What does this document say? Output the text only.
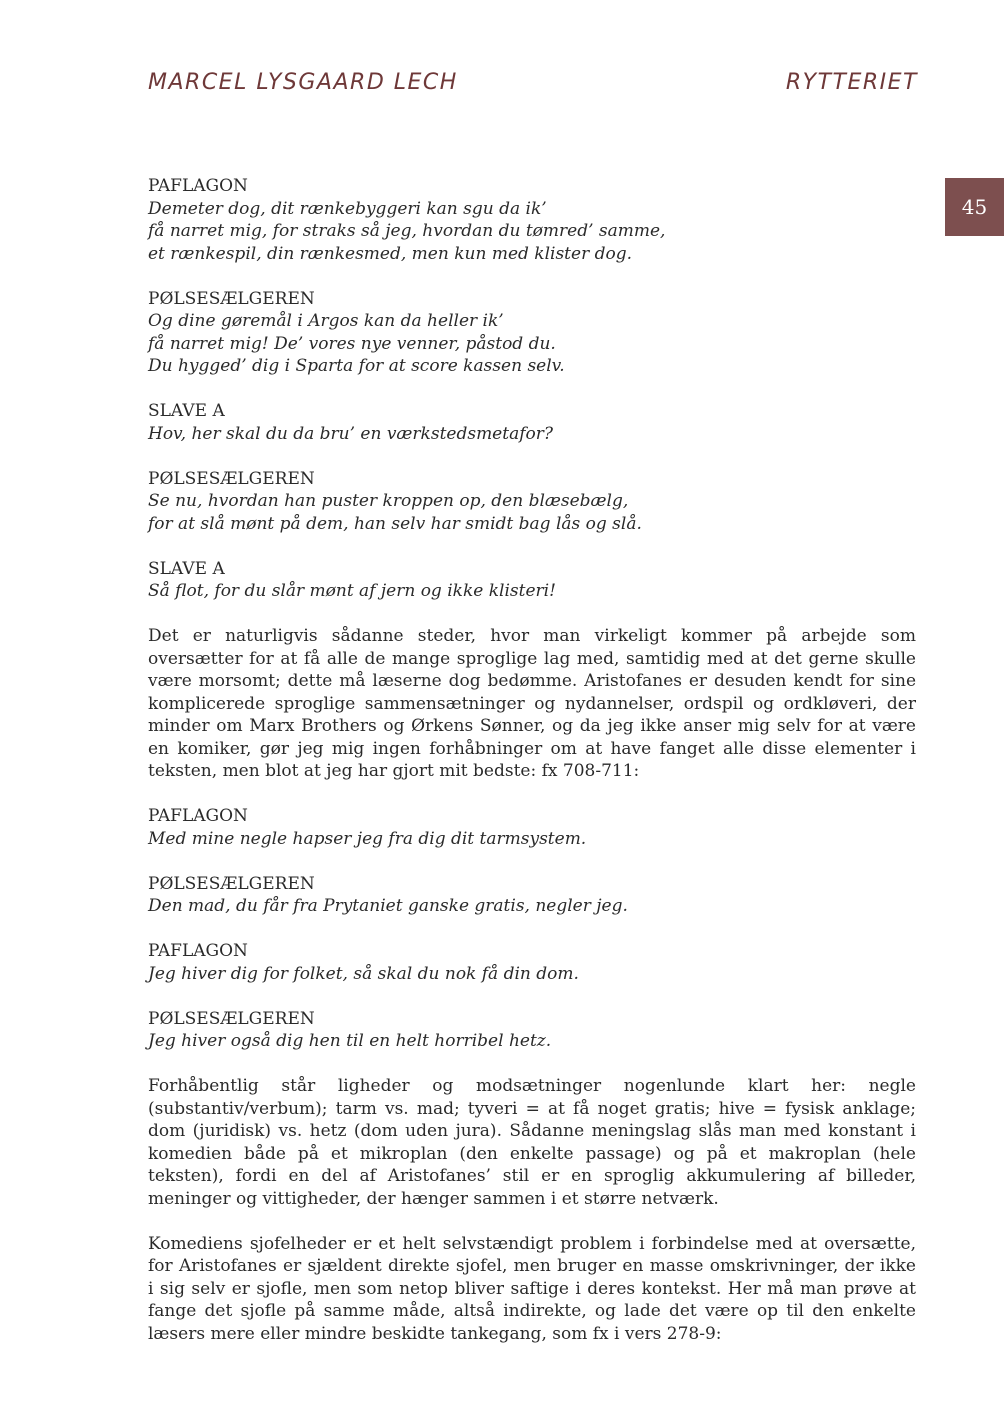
MARCEL LYSGAARD LECH	RYTTERIET
45
PAFLAGON
Demeter dog, dit rænkebyggeri kan sgu da ik’
få narret mig, for straks så jeg, hvordan du tømred’ samme,
et rænkespil, din rænkesmed, men kun med klister dog.
PØLSESÆLGEREN
Og dine gøremål i Argos kan da heller ik’
få narret mig! De’ vores nye venner, påstod du.
Du hygged’ dig i Sparta for at score kassen selv.
SLAVE A
Hov, her skal du da bru’ en værkstedsmetafor?
PØLSESÆLGEREN
Se nu, hvordan han puster kroppen op, den blæsebælg,
for at slå mønt på dem, han selv har smidt bag lås og slå.
SLAVE A
Så flot, for du slår mønt af jern og ikke klisteri!

Det er naturligvis sådanne steder, hvor man virkeligt kommer på arbejde som oversætter for at få alle de mange sproglige lag med, samtidig med at det gerne skulle være morsomt; dette må læserne dog bedømme. Aristofanes er desuden kendt for sine komplicerede sproglige sammensætninger og nydannelser, ordspil og ordkløveri, der minder om Marx Brothers og Ørkens Sønner, og da jeg ikke anser mig selv for at være en komiker, gør jeg mig ingen forhåbninger om at have fanget alle disse elementer i teksten, men blot at jeg har gjort mit bedste: fx 708-711:

PAFLAGON
Med mine negle hapser jeg fra dig dit tarmsystem.
PØLSESÆLGEREN
Den mad, du får fra Prytaniet ganske gratis, negler jeg.
PAFLAGON
Jeg hiver dig for folket, så skal du nok få din dom.
PØLSESÆLGEREN
Jeg hiver også dig hen til en helt horribel hetz.

Forhåbentlig står ligheder og modsætninger nogenlunde klart her: negle (substantiv/verbum); tarm vs. mad; tyveri = at få noget gratis; hive = fysisk anklage; dom (juridisk) vs. hetz (dom uden jura). Sådanne meningslag slås man med konstant i komedien både på et mikroplan (den enkelte passage) og på et makroplan (hele teksten), fordi en del af Aristofanes’ stil er en sproglig akkumulering af billeder, meninger og vittigheder, der hænger sammen i et større netværk.

Komediens sjofelheder er et helt selvstændigt problem i forbindelse med at oversætte, for Aristofanes er sjældent direkte sjofel, men bruger en masse omskrivninger, der ikke i sig selv er sjofle, men som netop bliver saftige i deres kontekst. Her må man prøve at fange det sjofle på samme måde, altså indirekte, og lade det være op til den enkelte læsers mere eller mindre beskidte tankegang, som fx i vers 278-9:
